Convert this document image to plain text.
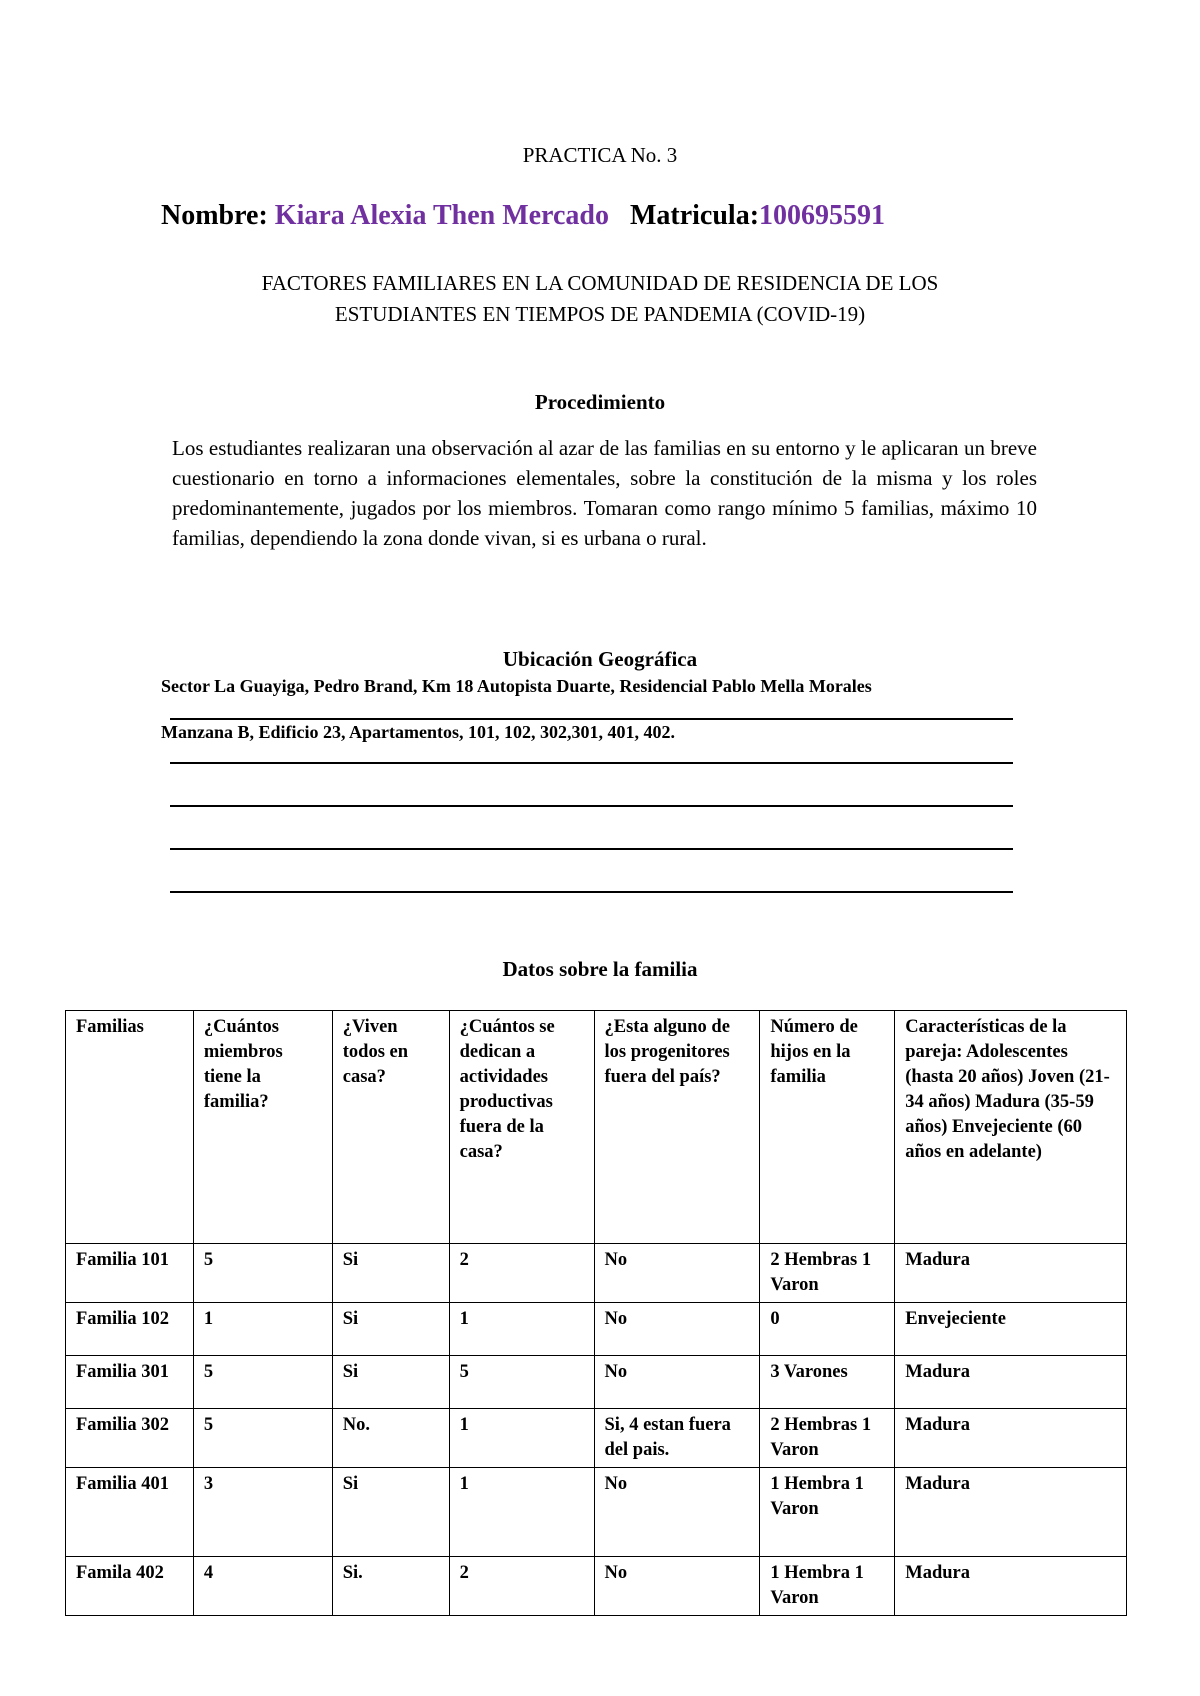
PRACTICA No. 3
Nombre: Kiara Alexia Then Mercado Matricula:100695591
FACTORES FAMILIARES EN LA COMUNIDAD DE RESIDENCIA DE LOS
ESTUDIANTES EN TIEMPOS DE PANDEMIA (COVID-19)
Procedimiento
Los estudiantes realizaran una observación al azar de las familias en su entorno y le aplicaran un breve cuestionario en torno a informaciones elementales, sobre la constitución de la misma y los roles predominantemente, jugados por los miembros. Tomaran como rango mínimo 5 familias, máximo 10 familias, dependiendo la zona donde vivan, si es urbana o rural.
Ubicación Geográfica
Sector La Guayiga, Pedro Brand, Km 18 Autopista Duarte, Residencial Pablo Mella Morales
Manzana B, Edificio 23, Apartamentos, 101, 102, 302,301, 401, 402.
Datos sobre la familia
Familias	¿Cuántos miembros tiene la familia?	¿Viven todos en casa?	¿Cuántos se dedican a actividades productivas fuera de la casa?	¿Esta alguno de los progenitores fuera del país?	Número de hijos en la familia	Características de la pareja: Adolescentes (hasta 20 años) Joven (21-34 años) Madura (35-59 años) Envejeciente (60 años en adelante)
Familia 101	5	Si	2	No	2 Hembras 1 Varon	Madura
Familia 102	1	Si	1	No	0	Envejeciente
Familia 301	5	Si	5	No	3 Varones	Madura
Familia 302	5	No.	1	Si, 4 estan fuera del pais.	2 Hembras 1 Varon	Madura
Familia 401	3	Si	1	No	1 Hembra 1 Varon	Madura
Famila 402	4	Si.	2	No	1 Hembra 1 Varon	Madura
